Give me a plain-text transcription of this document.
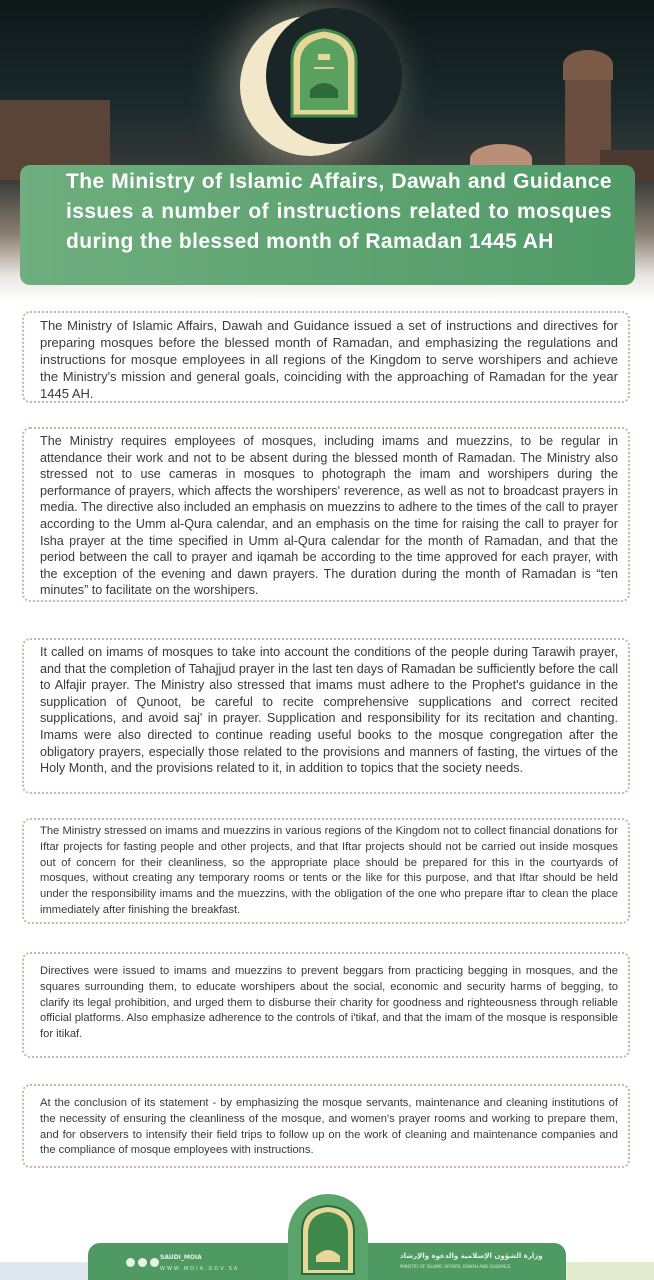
The Ministry of Islamic Affairs, Dawah and Guidance issues a number of instructions related to mosques during the blessed month of Ramadan 1445 AH
The Ministry of Islamic Affairs, Dawah and Guidance issued a set of instructions and directives for preparing mosques before the blessed month of Ramadan, and emphasizing the regulations and instructions for mosque employees in all regions of the Kingdom to serve worshipers and achieve the Ministry's mission and general goals, coinciding with the approaching of Ramadan for the year 1445 AH.
The Ministry requires employees of mosques, including imams and muezzins, to be regular in attendance their work and not to be absent during the blessed month of Ramadan. The Ministry also stressed not to use cameras in mosques to photograph the imam and worshipers during the performance of prayers, which affects the worshipers' reverence, as well as not to broadcast prayers in media. The directive also included an emphasis on muezzins to adhere to the times of the call to prayer according to the Umm al-Qura calendar, and an emphasis on the time for raising the call to prayer for Isha prayer at the time specified in Umm al-Qura calendar for the month of Ramadan, and that the period between the call to prayer and iqamah be according to the time approved for each prayer, with the exception of the evening and dawn prayers. The duration during the month of Ramadan is “ten minutes” to facilitate on the worshipers.
It called on imams of mosques to take into account the conditions of the people during Tarawih prayer, and that the completion of Tahajjud prayer in the last ten days of Ramadan be sufficiently before the call to Alfajir prayer. The Ministry also stressed that imams must adhere to the Prophet's guidance in the supplication of Qunoot, be careful to recite comprehensive supplications and correct recited supplications, and avoid saj' in prayer. Supplication and responsibility for its recitation and chanting. Imams were also directed to continue reading useful books to the mosque congregation after the obligatory prayers, especially those related to the provisions and manners of fasting, the virtues of the Holy Month, and the provisions related to it, in addition to topics that the society needs.
The Ministry stressed on imams and muezzins in various regions of the Kingdom not to collect financial donations for Iftar projects for fasting people and other projects, and that Iftar projects should not be carried out inside mosques out of concern for their cleanliness, so the appropriate place should be prepared for this in the courtyards of mosques, without creating any temporary rooms or tents or the like for this purpose, and that Iftar should be held under the responsibility imams and the muezzins, with the obligation of the one who prepare iftar to clean the place immediately after finishing the breakfast.
Directives were issued to imams and muezzins to prevent beggars from practicing begging in mosques, and the squares surrounding them, to educate worshipers about the social, economic and security harms of begging, to clarify its legal prohibition, and urged them to disburse their charity for goodness and righteousness through reliable official platforms. Also emphasize adherence to the controls of i'tikaf, and that the imam of the mosque is responsible for itikaf.
At the conclusion of its statement - by emphasizing the mosque servants, maintenance and cleaning institutions of the necessity of ensuring the cleanliness of the mosque, and women's prayer rooms and working to prepare them, and for observers to intensify their field trips to follow up on the work of cleaning and maintenance companies and the compliance of mosque employees with instructions.
SAUDI_MOIA
WWW.MOIA.GOV.SA
وزارة الشؤون الإسلامية والدعوة والإرشاد
MINISTRY OF ISLAMIC AFFAIRS, DAWAH AND GUIDANCE
